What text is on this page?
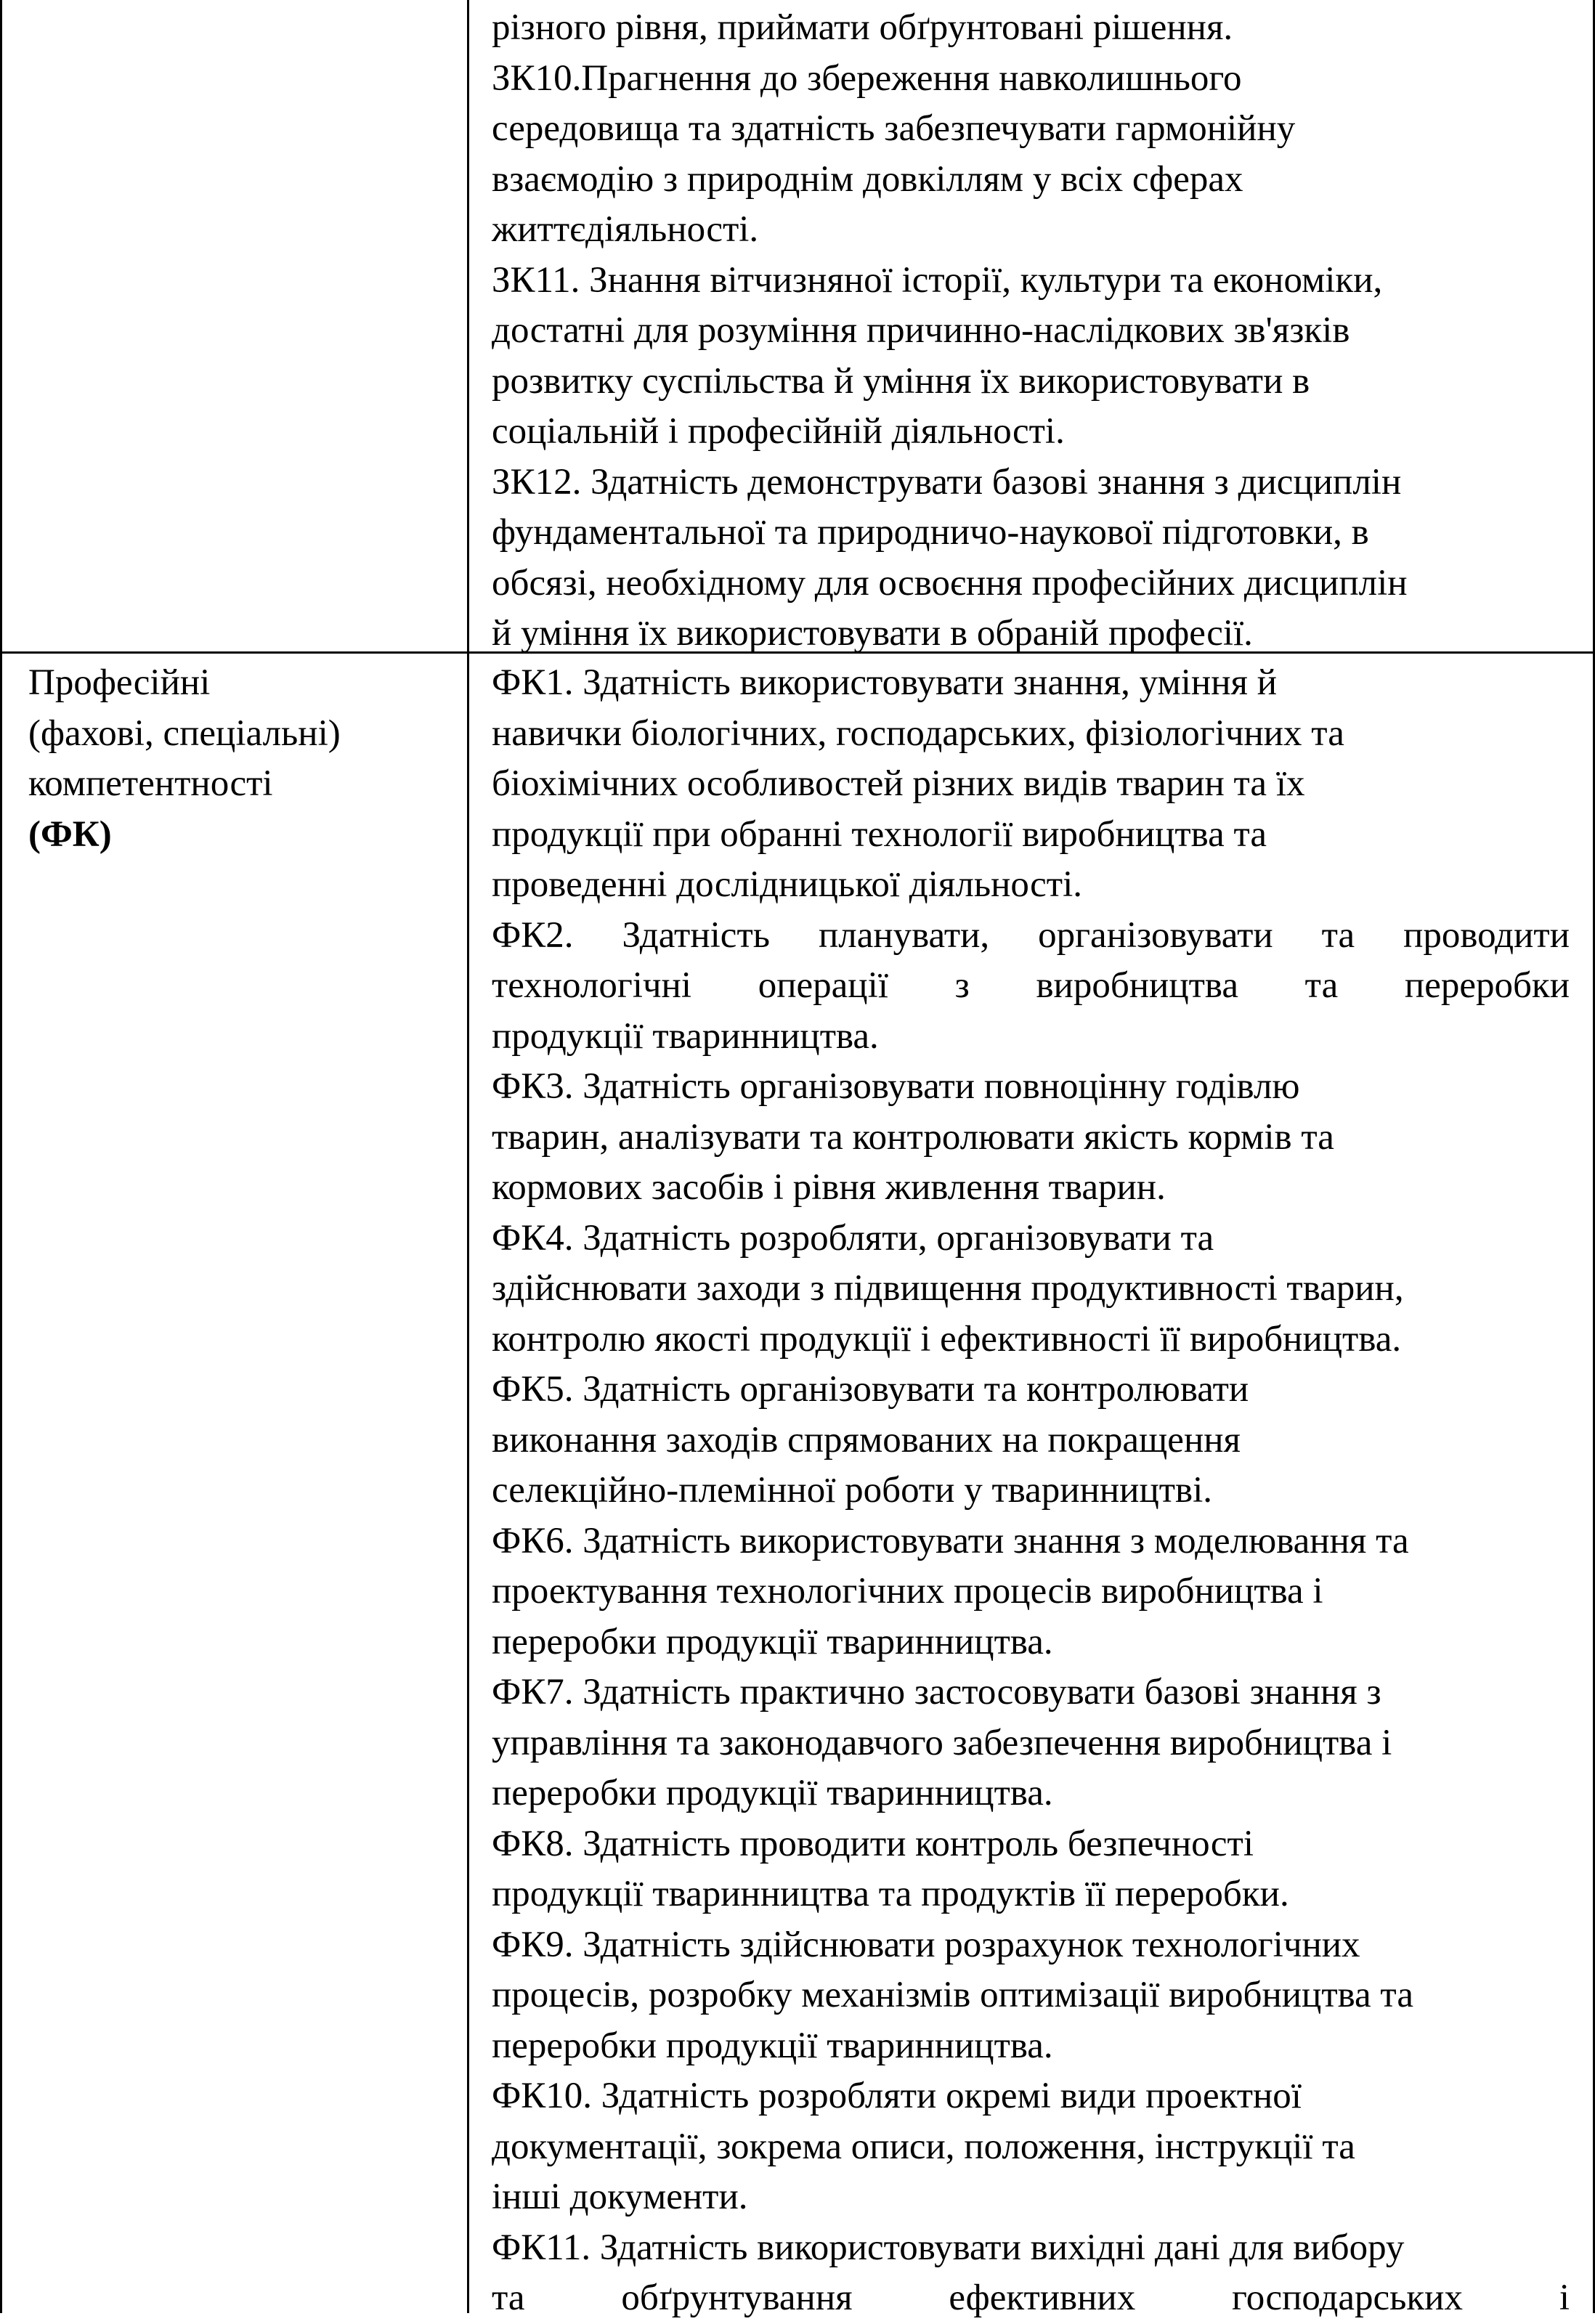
різного рівня, приймати обґрунтовані рішення.
ЗК10.Прагнення до збереження навколишнього
середовища та здатність забезпечувати гармонійну
взаємодію з природнім довкіллям у всіх сферах
життєдіяльності.
ЗК11. Знання вітчизняної історії, культури та економіки,
достатні для розуміння причинно-наслідкових зв'язків
розвитку суспільства й уміння їх використовувати в
соціальній і професійній діяльності.
ЗК12. Здатність демонструвати базові знання з дисциплін
фундаментальної та природничо-наукової підготовки, в
обсязі, необхідному для освоєння професійних дисциплін
й уміння їх використовувати в обраній професії.
Професійні
(фахові, спеціальні)
компетентності
(ФК)
ФК1. Здатність використовувати знання, уміння й
навички біологічних, господарських, фізіологічних та
біохімічних особливостей різних видів тварин та їх
продукції при обранні технології виробництва та
проведенні дослідницької діяльності.
ФК2. Здатність планувати, організовувати та проводити
технологічні операції з виробництва та переробки
продукції тваринництва.
ФК3. Здатність організовувати повноцінну годівлю
тварин, аналізувати та контролювати якість кормів та
кормових засобів і рівня живлення тварин.
ФК4. Здатність розробляти, організовувати та
здійснювати заходи з підвищення продуктивності тварин,
контролю якості продукції і ефективності її виробництва.
ФК5. Здатність організовувати та контролювати
виконання заходів спрямованих на покращення
селекційно-племінної роботи у тваринництві.
ФК6. Здатність використовувати знання з моделювання та
проектування технологічних процесів виробництва і
переробки продукції тваринництва.
ФК7. Здатність практично застосовувати базові знання з
управління та законодавчого забезпечення виробництва і
переробки продукції тваринництва.
ФК8. Здатність проводити контроль безпечності
продукції тваринництва та продуктів її переробки.
ФК9. Здатність здійснювати розрахунок технологічних
процесів, розробку механізмів оптимізації виробництва та
переробки продукції тваринництва.
ФК10. Здатність розробляти окремі види проектної
документації, зокрема описи, положення, інструкції та
інші документи.
ФК11. Здатність використовувати вихідні дані для вибору
та обґрунтування ефективних господарських і
